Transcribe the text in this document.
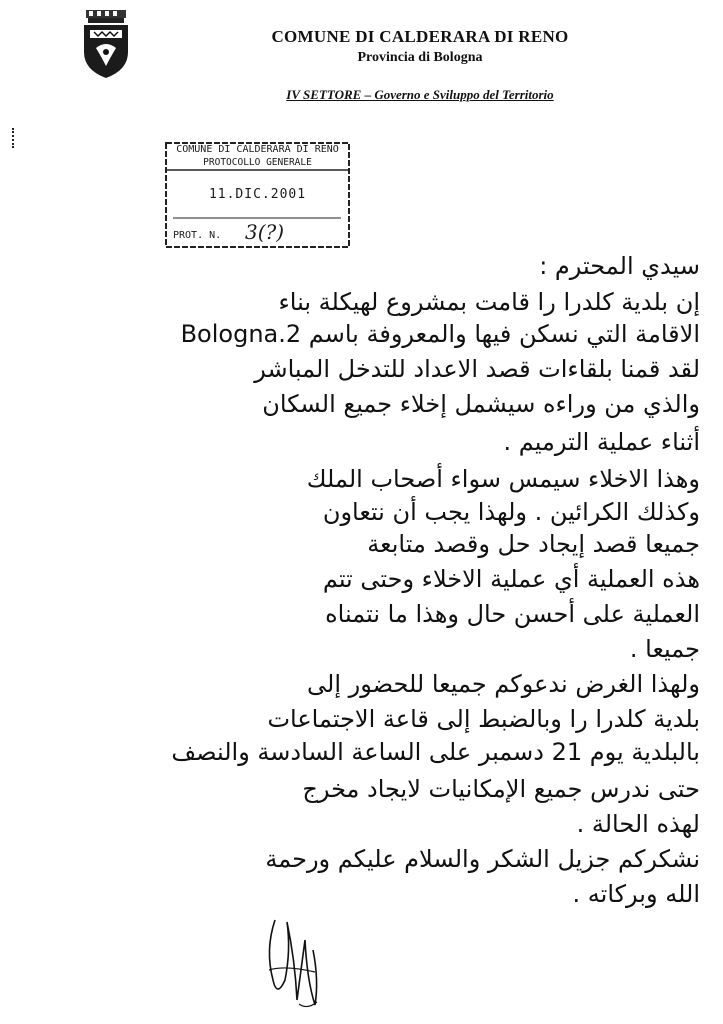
COMUNE DI CALDERARA DI RENO
Provincia di Bologna
IV SETTORE – Governo e Sviluppo del Territorio
COMUNE DI CALDERARA DI RENO
PROTOCOLLO GENERALE
11.DIC.2001
PROT. N. 3(?)
سيدي المحترم :
إن بلدية كلدرا را قامت بمشروع لهيكلة بناء
الاقامة التي نسكن فيها والمعروفة باسم Bologna.2
لقد قمنا بلقاءات قصد الاعداد للتدخل المباشر
والذي من وراءه سيشمل إخلاء جميع السكان
أثناء عملية الترميم .
وهذا الاخلاء سيمس سواء أصحاب الملك
وكذلك الكرائين . ولهذا يجب أن نتعاون
جميعا قصد إيجاد حل وقصد متابعة
هذه العملية أي عملية الاخلاء وحتى تتم
العملية على أحسن حال وهذا ما نتمناه
جميعا .
ولهذا الغرض ندعوكم جميعا للحضور إلى
بلدية كلدرا را وبالضبط إلى قاعة الاجتماعات
بالبلدية يوم 21 دسمبر على الساعة السادسة والنصف
حتى ندرس جميع الإمكانيات لايجاد مخرج
لهذه الحالة .
نشكركم جزيل الشكر والسلام عليكم ورحمة
الله وبركاته .
